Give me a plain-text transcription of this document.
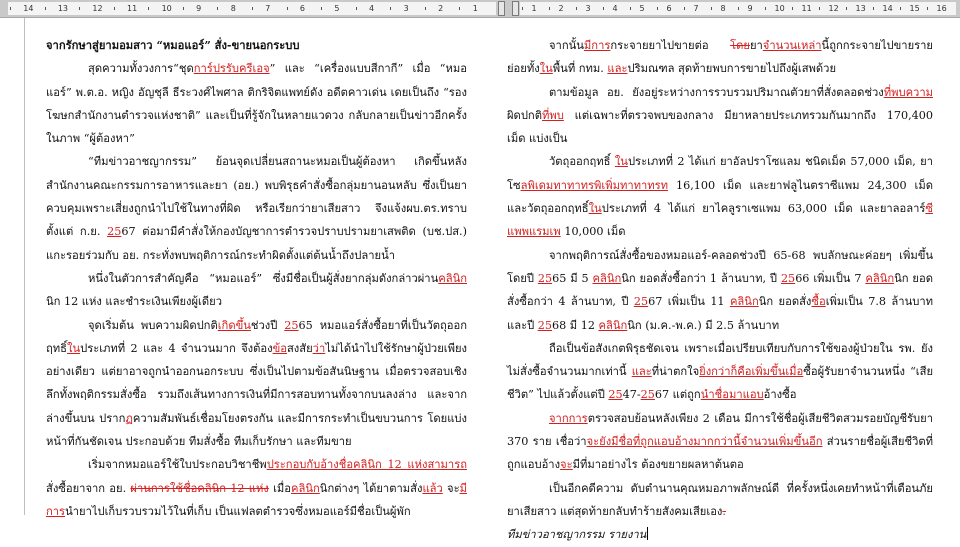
14	13	12	11	10	9	8	7	6	5	4	3	2	1	1	2	3	4	5	6	7	8	9	10 11 12 13 14 15 16

จากรักษาสู่ยามอมสาว “หมอแอร์” สั่ง-ขายนอกระบบ

สุดความทั้งวงการ“ชุดการ์ปรรับครีเอจ” และ “เครื่องแบบสีกากี” เมื่อ “หมอแอร์” พ.ต.อ. หญิง อัญชุลี ธีระวงศ์ไพศาล ติกริจิตแพทย์ดัง อดีตคาวเด่น เดยเป็นถึง “รองโฆษกสำนักงานตำรวจแห่งชาติ” และเป็นที่รู้จักในหลายแวดวง กลับกลายเป็นข่าวอีกครั้งในภาพ “ผู้ต้องหา”

“ทีมข่าวอาชญากรรม” ย้อนจุดเปลี่ยนสถานะหมอเป็นผู้ต้องหา เกิดขึ้นหลังสำนักงานคณะกรรมการอาหารและยา (อย.) พบพิรุธคำสั่งซื้อกลุ่มยานอนหลับ ซึ่งเป็นยาควบคุมเพราะเสี่ยงถูกนำไปใช้ในทางที่ผิด หรือเรียกว่ายาเสียสาว จึงแจ้งผบ.ตร.ทราบตั้งแต่ ก.ย. 2567 ต่อมามีคำสั่งให้กองบัญชาการตำรวจปราบปรามยาเสพติด (บช.ปส.) แกะรอยร่วมกับ อย. กระทั่งพบพฤติการณ์กระทำผิดตั้งแต่ต้นน้ำถึงปลายน้ำ

หนึ่งในตัวการสำคัญคือ “หมอแอร์” ซึ่งมีชื่อเป็นผู้สั่งยากลุ่มดังกล่าวผ่านคลินิกนิก 12 แห่ง และชำระเงินเพียงผู้เดียว

จุดเริ่มต้น พบความผิดปกติเกิดขึ้นช่วงปี 2565 หมอแอร์สั่งซื้อยาที่เป็นวัตถุออกฤทธิ์ในประเภทที่ 2 และ 4 จำนวนมาก จึงต้องข้อสงสัยว่าไม่ได้นำไปใช้รักษาผู้ป่วยเพียงอย่างเดียว แต่ยาอาจถูกนำออกนอกระบบ ซึ่งเป็นไปตามข้อสันนิษฐาน เมื่อตรวจสอบเชิงลึกทั้งพฤติกรรมสั่งซื้อ รวมถึงเส้นทางการเงินที่มีการสอบทานทั้งจากบนลงล่าง และจากล่างขึ้นบน ปรากฏความสัมพันธ์เชื่อมโยงตรงกัน และมีการกระทำเป็นขบวนการ โดยแบ่งหน้าที่กันชัดเจน ประกอบด้วย ทีมสั่งซื้อ ทีมเก็บรักษา และทีมขาย

เริ่มจากหมอแอร์ใช้ใบประกอบวิชาชีพประกอบกับอ้างชื่อคลินิก 12 แห่งสามารถสั่งซื้อยาจาก อย. ผ่านการใช้ชื่อคลินิก 12 แห่ง เมื่อคลินิกนิกต่างๆ ได้ยาตามสั่งแล้ว จะมีการนำยาไปเก็บรวบรวมไว้ในที่เก็บ เป็นแฟลตตำรวจซึ่งหมอแอร์มีชื่อเป็นผู้พัก

จากนั้นมีการกระจายยาไปขายต่อ โดยยาจำนวนเหล่านี้ถูกกระจายไปขายรายย่อยทั้งในพื้นที่ กทม. และปริมณฑล สุดท้ายพบการขายไปถึงผู้เสพด้วย

ตามข้อมูล อย. ยังอยู่ระหว่างการรวบรวมปริมาณตัวยาที่สั่งตลอดช่วงที่พบความผิดปกติที่พบ แต่เฉพาะที่ตรวจพบของกลาง มียาหลายประเภทรวมกันมากถึง 170,400 เม็ด แบ่งเป็น

วัตถุออกฤทธิ์ ในประเภทที่ 2 ได้แก่ ยาอัลปราโซแลม ชนิดเม็ด 57,000 เม็ด, ยาโซลพิเดมทาทาทรพิเพิ่มทาทาทรท 16,100 เม็ด และยาฟลูไนตราซีแพม 24,300 เม็ด และวัตถุออกฤทธิ์ในประเภทที่ 4 ได้แก่ ยาไคลูราเซแพม 63,000 เม็ด และยาลอลาร์ซีแพพแรมเพ 10,000 เม็ด

จากพฤติการณ์สั่งซื้อของหมอแอร์-คลอดช่วงปี 65-68 พบลักษณะค่อยๆ เพิ่มขึ้น โดยปี 2565 มี 5 คลินิกนิก ยอดสั่งซื้อกว่า 1 ล้านบาท, ปี 2566 เพิ่มเป็น 7 คลินิกนิก ยอดสั่งซื้อกว่า 4 ล้านบาท, ปี 2567 เพิ่มเป็น 11 คลินิกนิก ยอดสั่งซื้อเพิ่มเป็น 7.8 ล้านบาท และปี 2568 มี 12 คลินิกนิก (ม.ค.-พ.ค.) มี 2.5 ล้านบาท

ถือเป็นข้อสังเกตพิรุธชัดเจน เพราะเมื่อเปรียบเทียบกับการใช้ของผู้ป่วยใน รพ. ยังไม่สั่งซื้อจำนวนมากเท่านี้ และที่น่าตกใจยิ่งกว่าก็คือเพิ่มขึ้นเมื่อซื้อผู้รับยาจำนวนหนึ่ง “เสียชีวิต” ไปแล้วตั้งแต่ปี 2547-2567 แต่ถูกนำชื่อมาแอบอ้างซื้อ

จากการตรวจสอบย้อนหลังเพียง 2 เดือน มีการใช้ชื่อผู้เสียชีวิตสวมรอยบัญชีรับยา 370 ราย เชื่อว่าจะยังมีชื่อที่ถูกแอบอ้างมากกว่านี้จำนวนเพิ่มขึ้นอีก ส่วนรายชื่อผู้เสียชีวิตที่ถูกแอบอ้างจะมีที่มาอย่างไร ต้องขยายผลหาต้นตอ

เป็นอีกคดีความ ดับตำนานคุณหมอภาพลักษณ์ดี ที่ครั้งหนึ่งเคยทำหน้าที่เตือนภัยยาเสียสาว แต่สุดท้ายกลับทำร้ายสังคมเสียเอง.

ทีมข่าวอาชญากรรม รายงาน
